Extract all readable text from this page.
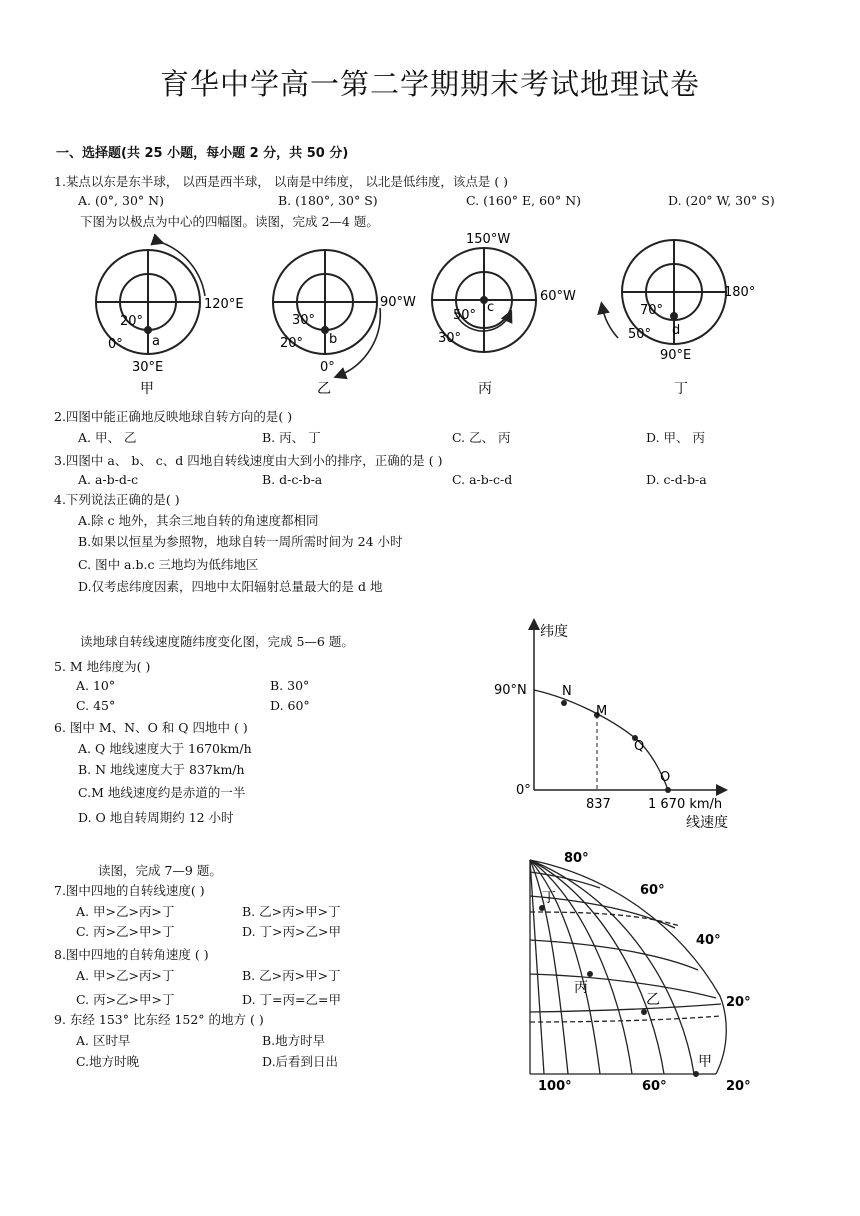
育华中学高一第二学期期末考试地理试卷
一、选择题(共 25 小题，每小题 2 分，共 50 分)
1.某点以东是东半球， 以西是西半球， 以南是中纬度， 以北是低纬度，该点是 ( )
A. (0°, 30° N)	B. (180°, 30° S)	C. (160° E, 60° N)	D. (20° W, 30° S)
下图为以极点为中心的四幅图。读图，完成 2—4 题。
120°E
20°
0° a
30°E
甲
90°W
30°
20° b
0°
乙
150°W
60°W
50°
c
30°
丙
180°
70°
50° d
90°E
丁
2.四图中能正确地反映地球自转方向的是( )
A. 甲、 乙	B. 丙、 丁	C. 乙、 丙	D. 甲、 丙
3.四图中 a、 b、 c、d 四地自转线速度由大到小的排序，正确的是 ( )
A. a-b-d-c	B. d-c-b-a	C. a-b-c-d	D. c-d-b-a
4.下列说法正确的是( )
A.除 c 地外，其余三地自转的角速度都相同
B.如果以恒星为参照物，地球自转一周所需时间为 24 小时
C. 图中 a.b.c 三地均为低纬地区
D.仅考虑纬度因素，四地中太阳辐射总量最大的是 d 地
读地球自转线速度随纬度变化图，完成 5—6 题。
5. M 地纬度为( )
A. 10°	B. 30°
C. 45°	D. 60°
6. 图中 M、N、O 和 Q 四地中 ( )
A. Q 地线速度大于 1670km/h
B. N 地线速度大于 837km/h
C.M 地线速度约是赤道的一半
D. O 地自转周期约 12 小时
纬度
90°N
0°
837	1 670 km/h
线速度
N
M
Q
O
读图，完成 7—9 题。
7.图中四地的自转线速度( )
A. 甲>乙>丙>丁	B. 乙>丙>甲>丁
C. 丙>乙>甲>丁	D. 丁>丙>乙>甲
8.图中四地的自转角速度 ( )
A. 甲>乙>丙>丁	B. 乙>丙>甲>丁
C. 丙>乙>甲>丁	D. 丁=丙=乙=甲
9. 东经 153° 比东经 152° 的地方 ( )
A. 区时早	B.地方时早
C.地方时晚	D.后看到日出
80°
60°
40°
20°
100°	60°	20°
丁
丙
乙
甲
